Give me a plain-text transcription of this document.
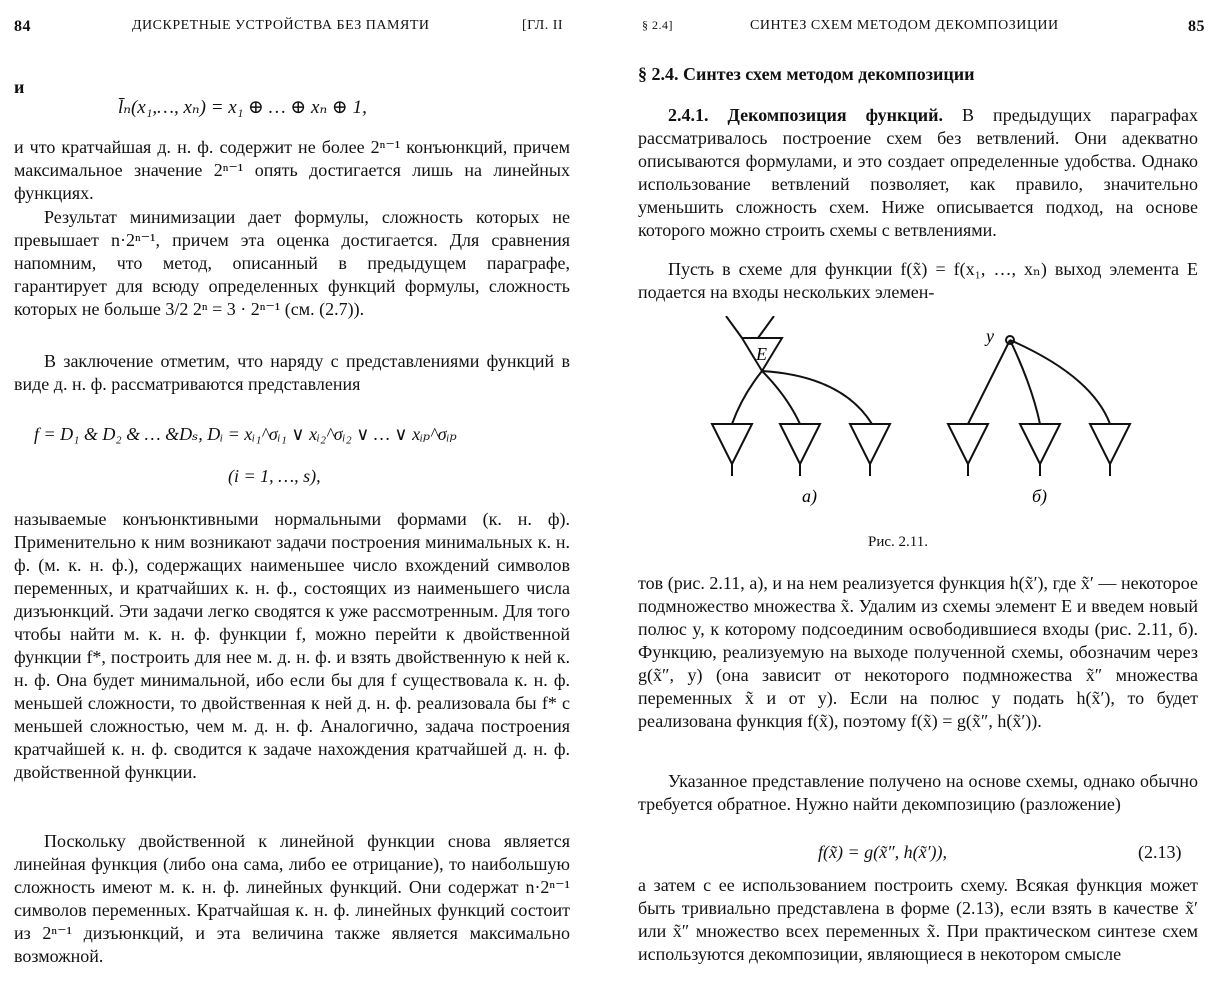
84	ДИСКРЕТНЫЕ УСТРОЙСТВА БЕЗ ПАМЯТИ	[ГЛ. II
и
l̄ₙ(x₁,…, xₙ) = x₁ ⊕ … ⊕ xₙ ⊕ 1,
и что кратчайшая д. н. ф. содержит не более 2ⁿ⁻¹ конъюнкций, причем максимальное значение 2ⁿ⁻¹ опять достигается лишь на линейных функциях.
Результат минимизации дает формулы, сложность которых не превышает n·2ⁿ⁻¹, причем эта оценка достигается. Для сравнения напомним, что метод, описанный в предыдущем параграфе, гарантирует для всюду определенных функций формулы, сложность которых не больше 3/2 2ⁿ = 3 · 2ⁿ⁻¹ (см. (2.7)).
В заключение отметим, что наряду с представлениями функций в виде д. н. ф. рассматриваются представления
f = D₁ & D₂ & … &Dₛ, Dᵢ = xᵢ₁^σᵢ₁ ∨ xᵢ₂^σᵢ₂ ∨ … ∨ xᵢₚ^σᵢₚ
(i = 1, …, s),
называемые конъюнктивными нормальными формами (к. н. ф). Применительно к ним возникают задачи построения минимальных к. н. ф. (м. к. н. ф.), содержащих наименьшее число вхождений символов переменных, и кратчайших к. н. ф., состоящих из наименьшего числа дизъюнкций. Эти задачи легко сводятся к уже рассмотренным. Для того чтобы найти м. к. н. ф. функции f, можно перейти к двойственной функции f*, построить для нее м. д. н. ф. и взять двойственную к ней к. н. ф. Она будет минимальной, ибо если бы для f существовала к. н. ф. меньшей сложности, то двойственная к ней д. н. ф. реализовала бы f* с меньшей сложностью, чем м. д. н. ф. Аналогично, задача построения кратчайшей к. н. ф. сводится к задаче нахождения кратчайшей д. н. ф. двойственной функции.
Поскольку двойственной к линейной функции снова является линейная функция (либо она сама, либо ее отрицание), то наибольшую сложность имеют м. к. н. ф. линейных функций. Они содержат n·2ⁿ⁻¹ символов переменных. Кратчайшая к. н. ф. линейных функций состоит из 2ⁿ⁻¹ дизъюнкций, и эта величина также является максимально возможной.
§ 2.4]	СИНТЕЗ СХЕМ МЕТОДОМ ДЕКОМПОЗИЦИИ	85
§ 2.4. Синтез схем методом декомпозиции
2.4.1. Декомпозиция функций. В предыдущих параграфах рассматривалось построение схем без ветвлений. Они адекватно описываются формулами, и это создает определенные удобства. Однако использование ветвлений позволяет, как правило, значительно уменьшить сложность схем. Ниже описывается подход, на основе которого можно строить схемы с ветвлениями.
Пусть в схеме для функции f(x̃) = f(x₁, …, xₙ) выход элемента E подается на входы нескольких элемен-
E
а)
y
б)
Рис. 2.11.
тов (рис. 2.11, а), и на нем реализуется функция h(x̃′), где x̃′ — некоторое подмножество множества x̃. Удалим из схемы элемент E и введем новый полюс y, к которому подсоединим освободившиеся входы (рис. 2.11, б). Функцию, реализуемую на выходе полученной схемы, обозначим через g(x̃″, y) (она зависит от некоторого подмножества x̃″ множества переменных x̃ и от y). Если на полюс y подать h(x̃′), то будет реализована функция f(x̃), поэтому f(x̃) = g(x̃″, h(x̃′)).
Указанное представление получено на основе схемы, однако обычно требуется обратное. Нужно найти декомпозицию (разложение)
f(x̃) = g(x̃″, h(x̃′)),	(2.13)
а затем с ее использованием построить схему. Всякая функция может быть тривиально представлена в форме (2.13), если взять в качестве x̃′ или x̃″ множество всех переменных x̃. При практическом синтезе схем используются декомпозиции, являющиеся в некотором смысле
